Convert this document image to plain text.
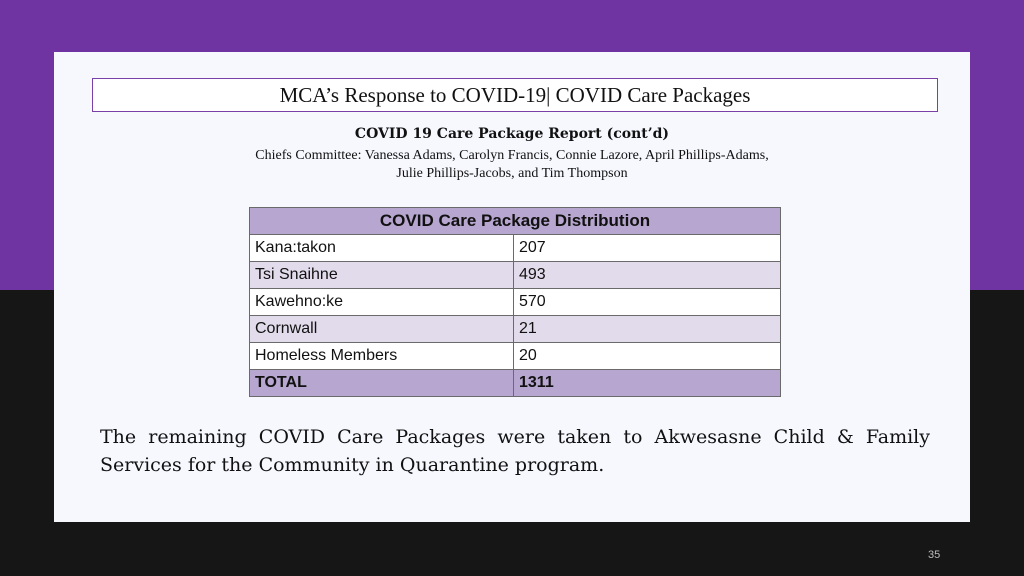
MCA’s Response to COVID-19| COVID Care Packages
COVID 19 Care Package Report (cont’d)
Chiefs Committee: Vanessa Adams, Carolyn Francis, Connie Lazore, April Phillips-Adams,
Julie Phillips-Jacobs, and Tim Thompson
COVID Care Package Distribution	
Kana:takon	207
Tsi Snaihne	493
Kawehno:ke	570
Cornwall	21
Homeless Members	20
TOTAL	1311
The remaining COVID Care Packages were taken to Akwesasne Child & Family Services for the Community in Quarantine program.
35
